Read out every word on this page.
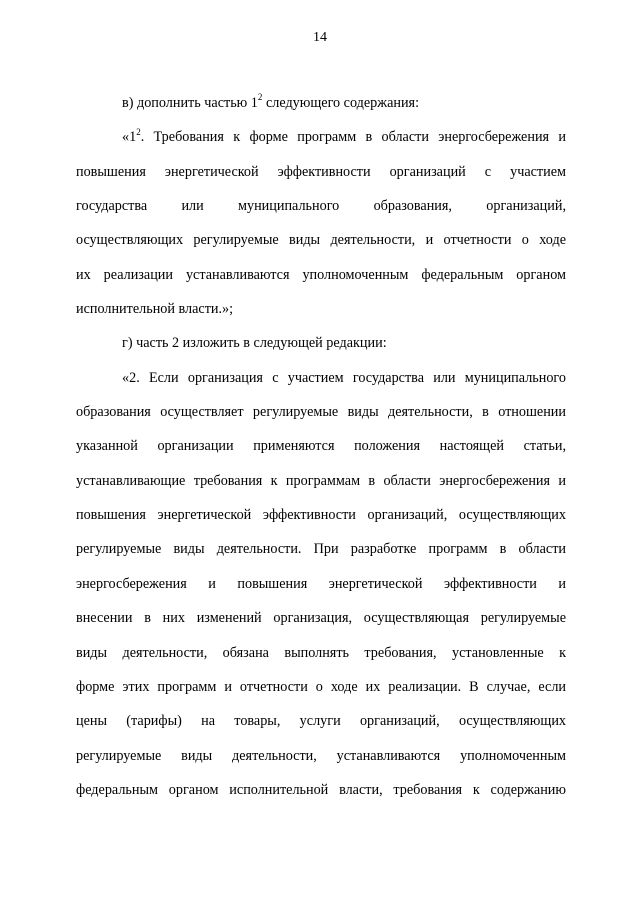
14
в) дополнить частью $1^2$ следующего содержания:
«$1^2$. Требования к форме программ в области энергосбережения и
повышения энергетической эффективности организаций с участием
государства или муниципального образования, организаций,
осуществляющих регулируемые виды деятельности, и отчетности о ходе
их реализации устанавливаются уполномоченным федеральным органом
исполнительной власти.»;
г) часть 2 изложить в следующей редакции:
«2. Если организация с участием государства или муниципального
образования осуществляет регулируемые виды деятельности, в отношении
указанной организации применяются положения настоящей статьи,
устанавливающие требования к программам в области энергосбережения и
повышения энергетической эффективности организаций, осуществляющих
регулируемые виды деятельности. При разработке программ в области
энергосбережения и повышения энергетической эффективности и
внесении в них изменений организация, осуществляющая регулируемые
виды деятельности, обязана выполнять требования, установленные к
форме этих программ и отчетности о ходе их реализации. В случае, если
цены (тарифы) на товары, услуги организаций, осуществляющих
регулируемые виды деятельности, устанавливаются уполномоченным
федеральным органом исполнительной власти, требования к содержанию
